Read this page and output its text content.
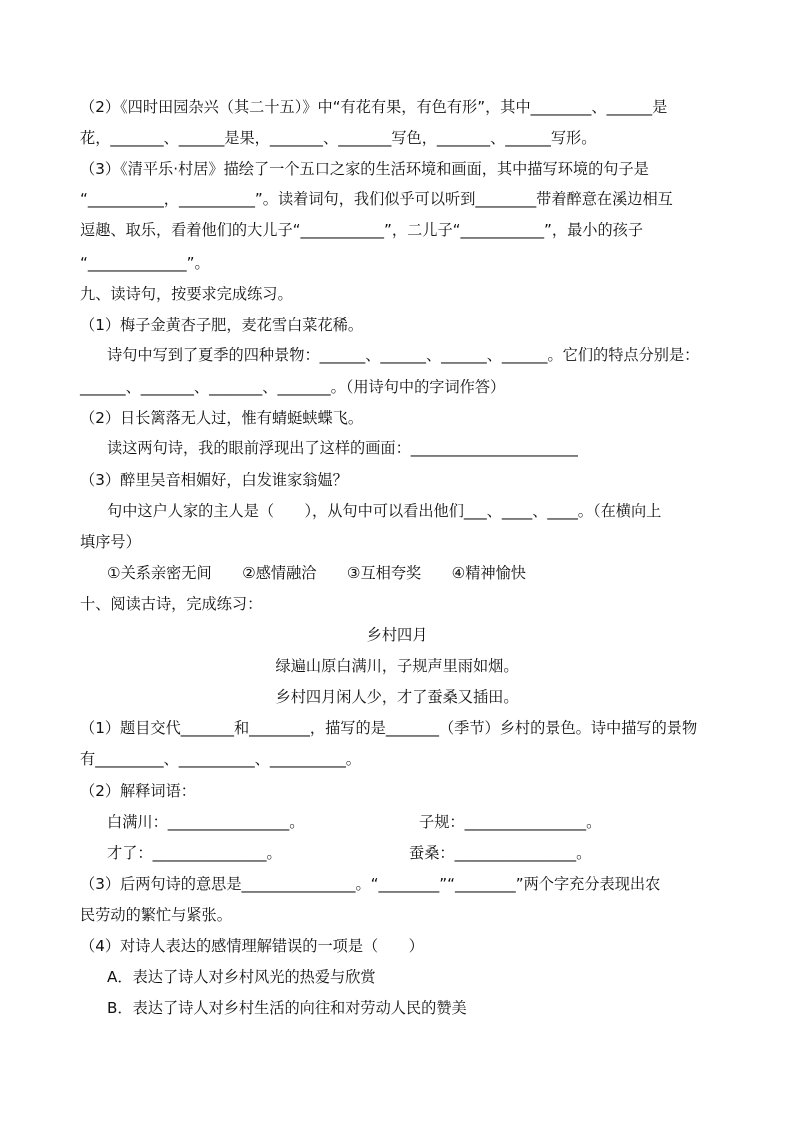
（2）《四时田园杂兴（其二十五）》中“有花有果，有色有形”，其中________、______是
花，_______、______是果，_______、_______写色，_______、______写形。
（3）《清平乐·村居》描绘了一个五口之家的生活环境和画面，其中描写环境的句子是
“__________，__________”。读着词句，我们似乎可以听到________带着醉意在溪边相互
逗趣、取乐，看着他们的大儿子“___________”，二儿子“___________”，最小的孩子
“_____________”。
九、读诗句，按要求完成练习。
（1）梅子金黄杏子肥，麦花雪白菜花稀。
诗句中写到了夏季的四种景物：______、______、______、______。它们的特点分别是：
______、_______、_______、_______。（用诗句中的字词作答）
（2）日长篱落无人过，惟有蜻蜓蛱蝶飞。
读这两句诗，我的眼前浮现出了这样的画面：______________________
（3）醉里吴音相媚好，白发谁家翁媪？
句中这户人家的主人是（　　），从句中可以看出他们___、____、____。（在横向上
填序号）
①关系亲密无间　　②感情融洽　　③互相夸奖　　④精神愉快
十、阅读古诗，完成练习：
乡村四月
绿遍山原白满川，子规声里雨如烟。
乡村四月闲人少，才了蚕桑又插田。
（1）题目交代_______和________，描写的是_______（季节）乡村的景色。诗中描写的景物
有_________、__________、__________。
（2）解释词语：
白满川：________________。	子规：________________。
才了：_______________。	蚕桑：________________。
（3）后两句诗的意思是_______________。“________”“________”两个字充分表现出农
民劳动的繁忙与紧张。
（4）对诗人表达的感情理解错误的一项是（　　）
A．表达了诗人对乡村风光的热爱与欣赏
B．表达了诗人对乡村生活的向往和对劳动人民的赞美
